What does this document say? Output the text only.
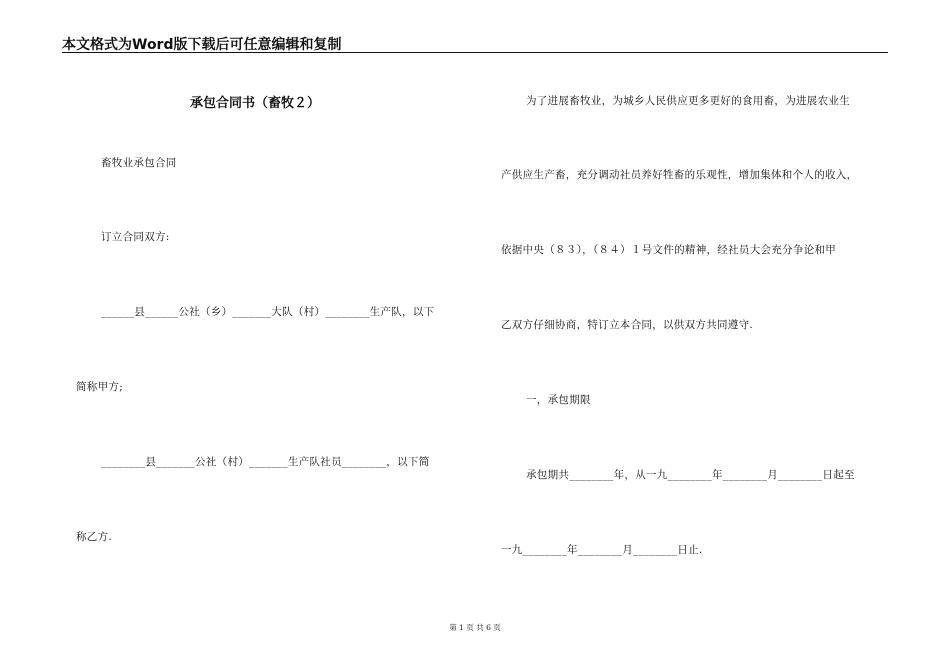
本文格式为Word版下载后可任意编辑和复制
承包合同书（畜牧２）
畜牧业承包合同
订立合同双方:
______县______公社（乡）_______大队（村）________生产队，以下
简称甲方;
________县_______公社（村）_______生产队社员________，以下简
称乙方.
为了进展畜牧业，为城乡人民供应更多更好的食用畜，为进展农业生
产供应生产畜，充分调动社员养好牲畜的乐观性，增加集体和个人的收入，
依据中央（８３），（８４）１号文件的精神，经社员大会充分争论和甲
乙双方仔细协商，特订立本合同，以供双方共同遵守.
一，承包期限
承包期共________年，从一九________年________月________日起至
一九________年________月________日止.
第 1 页 共 6 页
